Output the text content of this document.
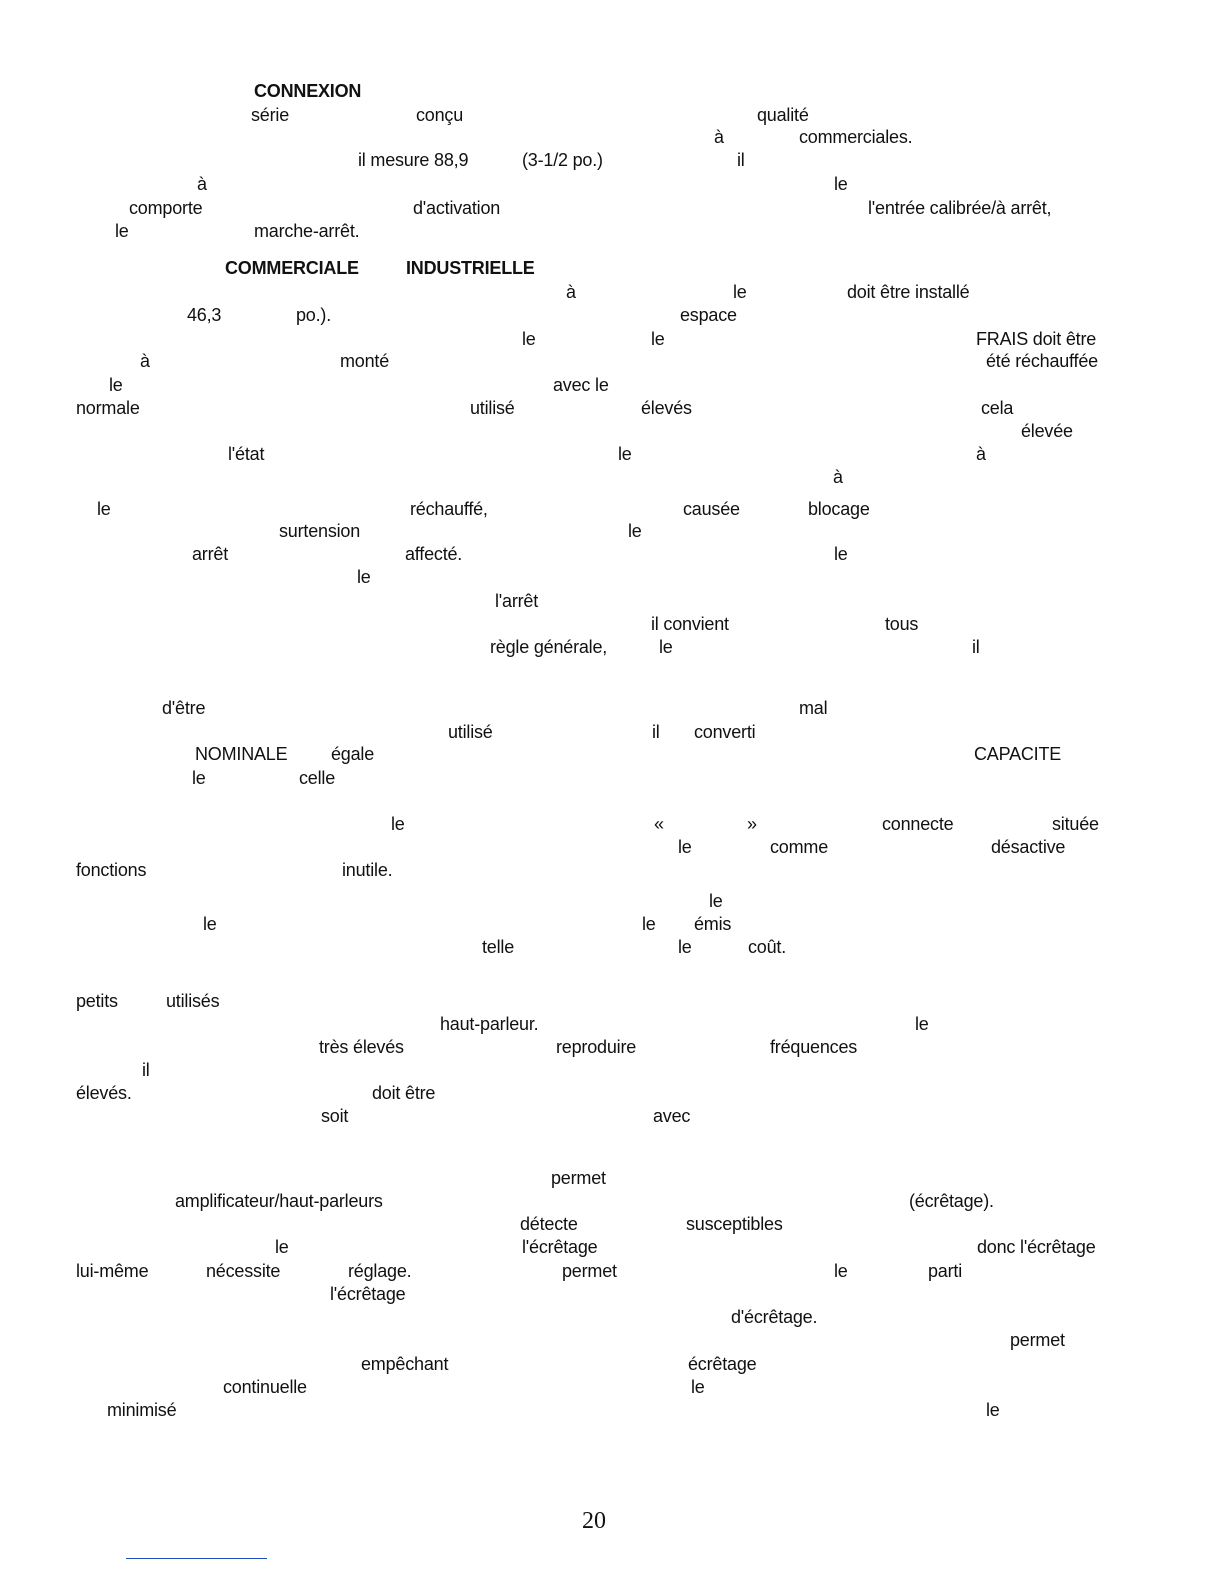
CONNEXION
série	conçu	qualité
à	commerciales.
il mesure 88,9	(3-1/2 po.)	il
à	le
comporte	d'activation	l'entrée calibrée/à arrêt,
le	marche-arrêt.
COMMERCIALE	INDUSTRIELLE
à	le	doit être installé
46,3	po.).	espace
le	le	FRAIS doit être
à	monté	été réchauffée
le	avec le
normale	utilisé	élevés	cela
élevée
l'état	le	à
à
le	réchauffé,	causée	blocage
surtension	le
arrêt	affecté.	le
le
l'arrêt
il convient	tous
règle générale,	le	il
d'être	mal
utilisé	il converti
NOMINALE égale	CAPACITE
le	celle
le	«	»	connecte	située
le	comme	désactive
fonctions	inutile.
le
le	le émis
telle	le	coût.
petits	utilisés
haut-parleur.	le
très élevés	reproduire	fréquences
il
élevés.	doit être
soit	avec
permet
amplificateur/haut-parleurs	(écrêtage).
détecte	susceptibles
le	l'écrêtage	donc l'écrêtage
lui-même	nécessite	réglage.	permet	le	parti
l'écrêtage
d'écrêtage.
permet
empêchant	écrêtage
continuelle	le
minimisé	le
20
